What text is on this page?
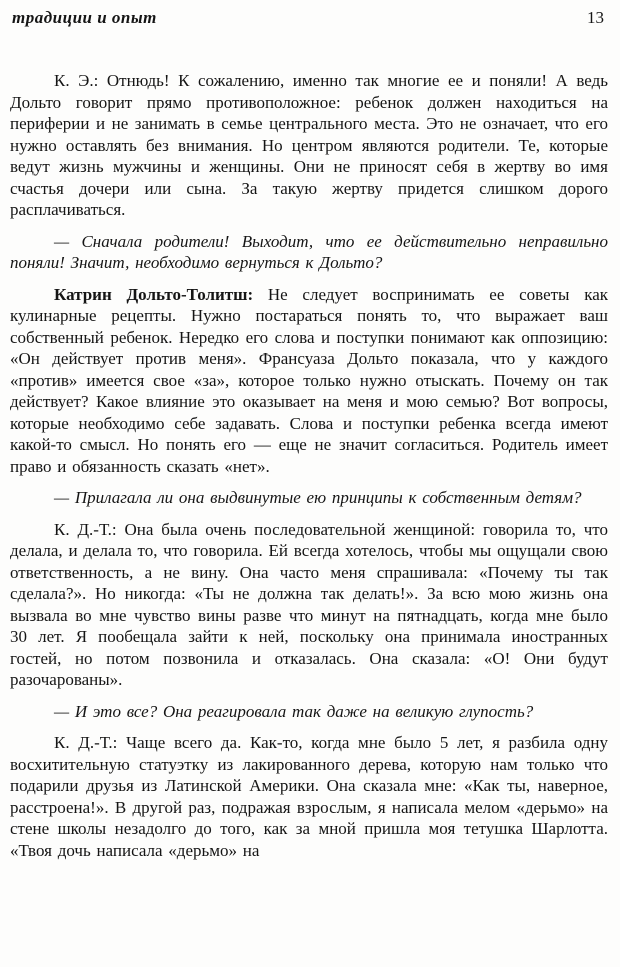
традиции и опыт	13

К. Э.: Отнюдь! К сожалению, именно так многие ее и поняли! А ведь Дольто говорит прямо противоположное: ребенок должен находиться на периферии и не занимать в семье центрального места. Это не означает, что его нужно оставлять без внимания. Но центром являются родители. Те, которые ведут жизнь мужчины и женщины. Они не приносят себя в жертву во имя счастья дочери или сына. За такую жертву придется слишком дорого расплачиваться.

— Сначала родители! Выходит, что ее действительно неправильно поняли! Значит, необходимо вернуться к Дольто?

Катрин Дольто-Толитш: Не следует воспринимать ее советы как кулинарные рецепты. Нужно постараться понять то, что выражает ваш собственный ребенок. Нередко его слова и поступки понимают как оппозицию: «Он действует против меня». Франсуаза Дольто показала, что у каждого «против» имеется свое «за», которое только нужно отыскать. Почему он так действует? Какое влияние это оказывает на меня и мою семью? Вот вопросы, которые необходимо себе задавать. Слова и поступки ребенка всегда имеют какой-то смысл. Но понять его — еще не значит согласиться. Родитель имеет право и обязанность сказать «нет».

— Прилагала ли она выдвинутые ею принципы к собственным детям?

К. Д.-Т.: Она была очень последовательной женщиной: говорила то, что делала, и делала то, что говорила. Ей всегда хотелось, чтобы мы ощущали свою ответственность, а не вину. Она часто меня спрашивала: «Почему ты так сделала?». Но никогда: «Ты не должна так делать!». За всю мою жизнь она вызвала во мне чувство вины разве что минут на пятнадцать, когда мне было 30 лет. Я пообещала зайти к ней, поскольку она принимала иностранных гостей, но потом позвонила и отказалась. Она сказала: «О! Они будут разочарованы».

— И это все? Она реагировала так даже на великую глупость?

К. Д.-Т.: Чаще всего да. Как-то, когда мне было 5 лет, я разбила одну восхитительную статуэтку из лакированного дерева, которую нам только что подарили друзья из Латинской Америки. Она сказала мне: «Как ты, наверное, расстроена!». В другой раз, подражая взрослым, я написала мелом «дерьмо» на стене школы незадолго до того, как за мной пришла моя тетушка Шарлотта. «Твоя дочь написала «дерьмо» на
